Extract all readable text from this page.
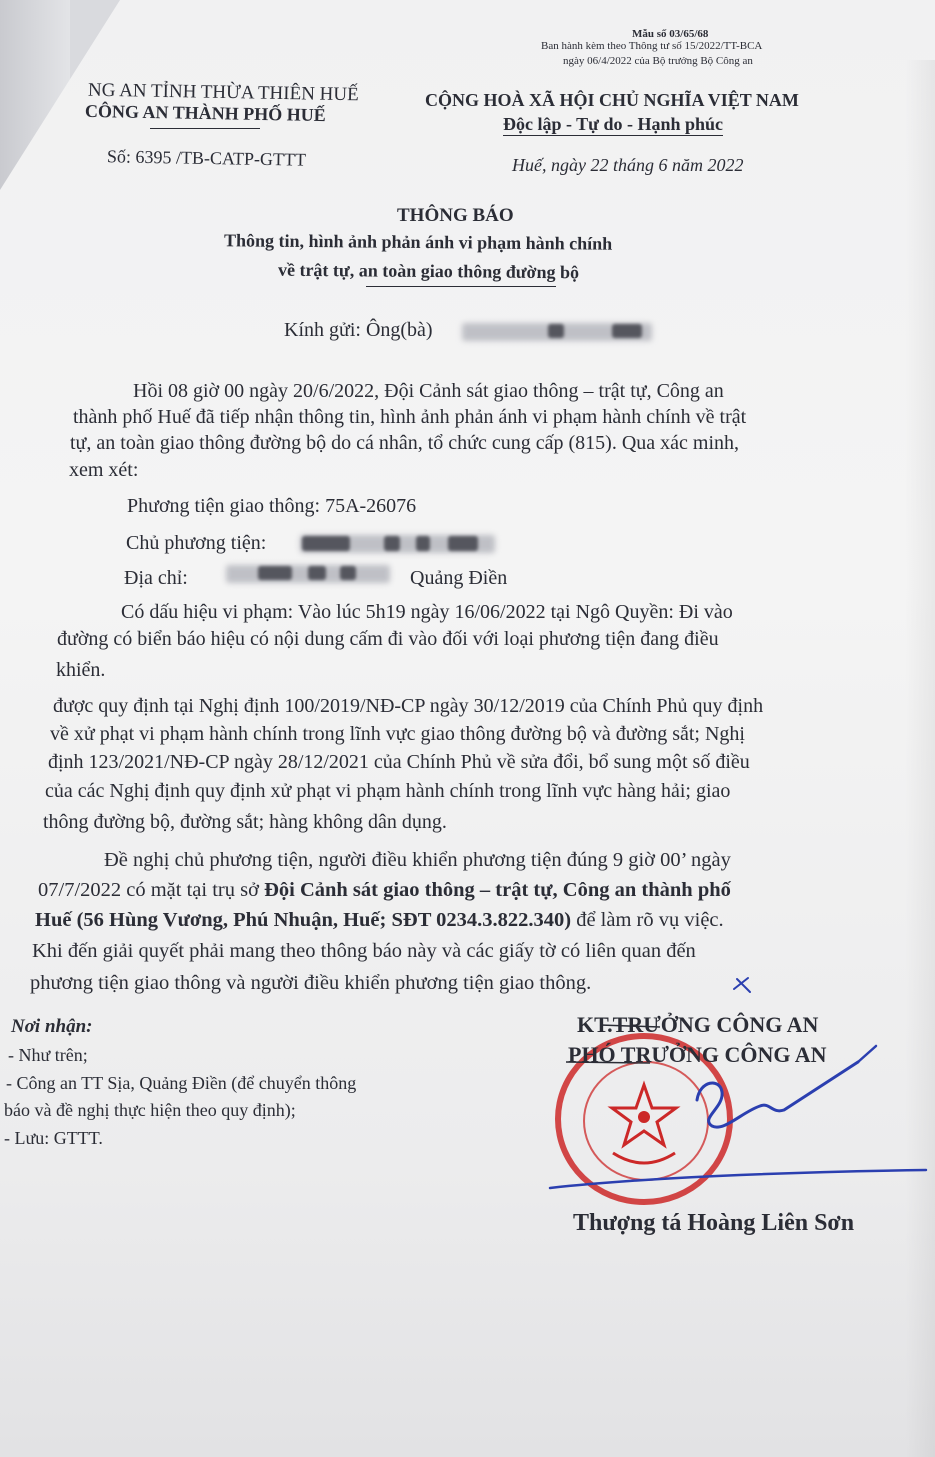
Mẫu số 03/65/68
Ban hành kèm theo Thông tư số 15/2022/TT-BCA
ngày 06/4/2022 của Bộ trưởng Bộ Công an
NG AN TỈNH THỪA THIÊN HUẾ
CÔNG AN THÀNH PHỐ HUẾ
Số: 6395 /TB-CATP-GTTT
CỘNG HOÀ XÃ HỘI CHỦ NGHĨA VIỆT NAM
Độc lập - Tự do - Hạnh phúc
Huế, ngày 22 tháng 6 năm 2022
THÔNG BÁO
Thông tin, hình ảnh phản ánh vi phạm hành chính
về trật tự, an toàn giao thông đường bộ
Kính gửi: Ông(bà)
Hồi 08 giờ 00 ngày 20/6/2022, Đội Cảnh sát giao thông – trật tự, Công an
thành phố Huế đã tiếp nhận thông tin, hình ảnh phản ánh vi phạm hành chính về trật
tự, an toàn giao thông đường bộ do cá nhân, tổ chức cung cấp (815). Qua xác minh,
xem xét:
Phương tiện giao thông: 75A-26076
Chủ phương tiện:
Địa chỉ:	Quảng Điền
Có dấu hiệu vi phạm: Vào lúc 5h19 ngày 16/06/2022 tại Ngô Quyền: Đi vào
đường có biển báo hiệu có nội dung cấm đi vào đối với loại phương tiện đang điều
khiển.
được quy định tại Nghị định 100/2019/NĐ-CP ngày 30/12/2019 của Chính Phủ quy định
về xử phạt vi phạm hành chính trong lĩnh vực giao thông đường bộ và đường sắt; Nghị
định 123/2021/NĐ-CP ngày 28/12/2021 của Chính Phủ về sửa đổi, bổ sung một số điều
của các Nghị định quy định xử phạt vi phạm hành chính trong lĩnh vực hàng hải; giao
thông đường bộ, đường sắt; hàng không dân dụng.
Đề nghị chủ phương tiện, người điều khiển phương tiện đúng 9 giờ 00’ ngày
07/7/2022 có mặt tại trụ sở Đội Cảnh sát giao thông – trật tự, Công an thành phố
Huế (56 Hùng Vương, Phú Nhuận, Huế; SĐT 0234.3.822.340) để làm rõ vụ việc.
Khi đến giải quyết phải mang theo thông báo này và các giấy tờ có liên quan đến
phương tiện giao thông và người điều khiển phương tiện giao thông.
Nơi nhận:
- Như trên;
- Công an TT Sịa, Quảng Điền (để chuyển thông
báo và đề nghị thực hiện theo quy định);
- Lưu: GTTT.
KT.TRƯỞNG CÔNG AN
PHÓ TRƯỞNG CÔNG AN
Thượng tá Hoàng Liên Sơn
